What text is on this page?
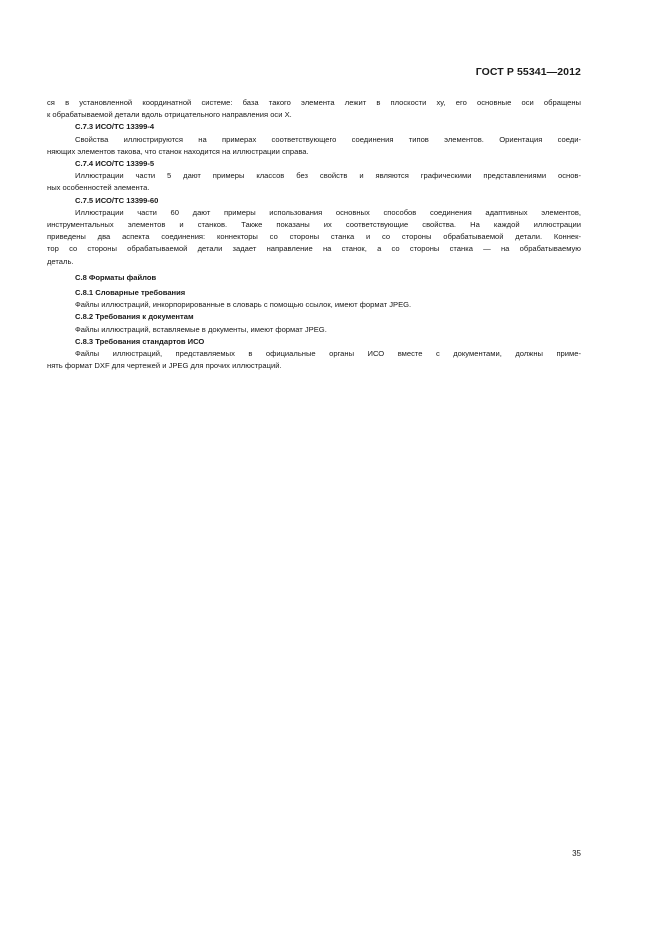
ГОСТ Р 55341—2012
ся в установленной координатной системе: база такого элемента лежит в плоскости xy, его основные оси обращены
к обрабатываемой детали вдоль отрицательного направления оси X.
С.7.3 ИСО/ТС 13399-4
Свойства иллюстрируются на примерах соответствующего соединения типов элементов. Ориентация соеди-
няющих элементов такова, что станок находится на иллюстрации справа.
С.7.4 ИСО/ТС 13399-5
Иллюстрации части 5 дают примеры классов без свойств и являются графическими представлениями основ-
ных особенностей элемента.
С.7.5 ИСО/ТС 13399-60
Иллюстрации части 60 дают примеры использования основных способов соединения адаптивных элементов,
инструментальных элементов и станков. Также показаны их соответствующие свойства. На каждой иллюстрации
приведены два аспекта соединения: коннекторы со стороны станка и со стороны обрабатываемой детали. Коннек-
тор со стороны обрабатываемой детали задает направление на станок, а со стороны станка — на обрабатываемую
деталь.
С.8 Форматы файлов
С.8.1 Словарные требования
Файлы иллюстраций, инкорпорированные в словарь с помощью ссылок, имеют формат JPEG.
С.8.2 Требования к документам
Файлы иллюстраций, вставляемые в документы, имеют формат JPEG.
С.8.3 Требования стандартов ИСО
Файлы иллюстраций, представляемых в официальные органы ИСО вместе с документами, должны приме-
нять формат DXF для чертежей и JPEG для прочих иллюстраций.
35
